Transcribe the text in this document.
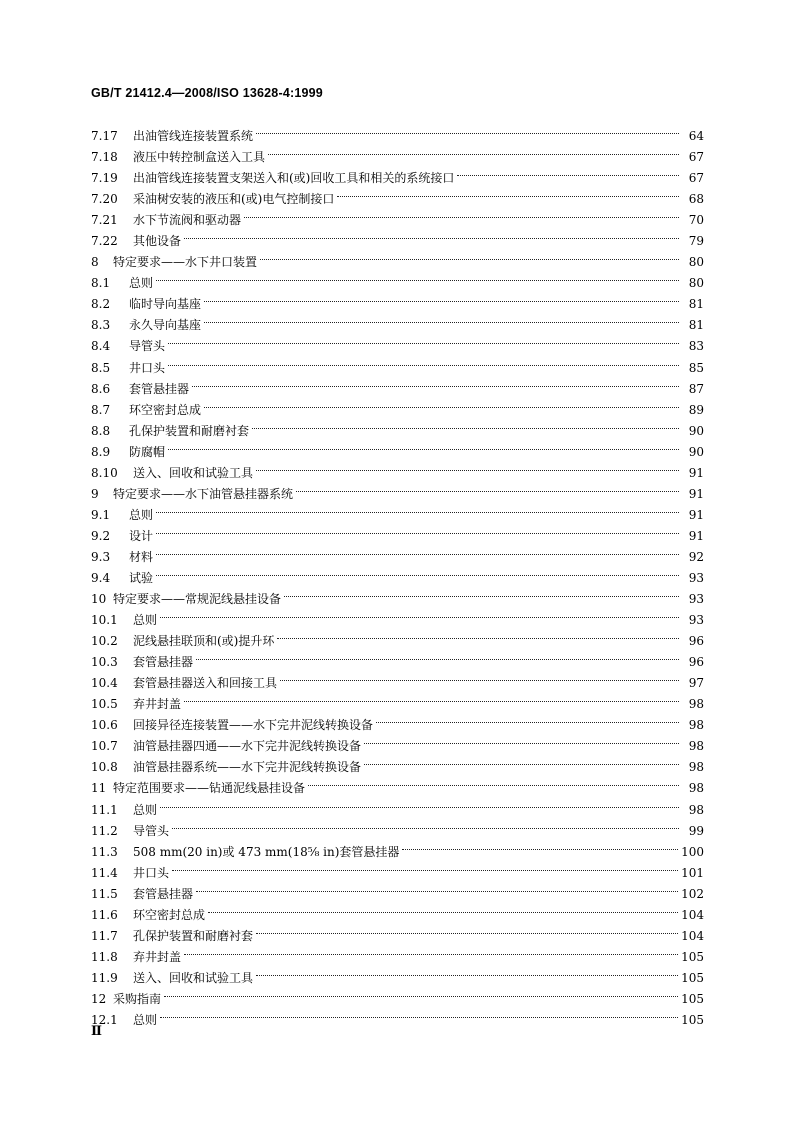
GB/T 21412.4—2008/ISO 13628-4:1999
7.17	出油管线连接装置系统	64
7.18	液压中转控制盒送入工具	67
7.19	出油管线连接装置支架送入和(或)回收工具和相关的系统接口	67
7.20	采油树安装的液压和(或)电气控制接口	68
7.21	水下节流阀和驱动器	70
7.22	其他设备	79
8	特定要求——水下井口装置	80
8.1	总则	80
8.2	临时导向基座	81
8.3	永久导向基座	81
8.4	导管头	83
8.5	井口头	85
8.6	套管悬挂器	87
8.7	环空密封总成	89
8.8	孔保护装置和耐磨衬套	90
8.9	防腐帽	90
8.10	送入、回收和试验工具	91
9	特定要求——水下油管悬挂器系统	91
9.1	总则	91
9.2	设计	91
9.3	材料	92
9.4	试验	93
10 特定要求——常规泥线悬挂设备	93
10.1	总则	93
10.2	泥线悬挂联顶和(或)提升环	96
10.3	套管悬挂器	96
10.4	套管悬挂器送入和回接工具	97
10.5	弃井封盖	98
10.6	回接异径连接装置——水下完井泥线转换设备	98
10.7	油管悬挂器四通——水下完井泥线转换设备	98
10.8	油管悬挂器系统——水下完井泥线转换设备	98
11 特定范围要求——钻通泥线悬挂设备	98
11.1	总则	98
11.2	导管头	99
11.3	508 mm(20 in)或 473 mm(18⅝ in)套管悬挂器	100
11.4	井口头	101
11.5	套管悬挂器	102
11.6	环空密封总成	104
11.7	孔保护装置和耐磨衬套	104
11.8	弃井封盖	105
11.9	送入、回收和试验工具	105
12 采购指南	105
12.1	总则	105
Ⅱ
